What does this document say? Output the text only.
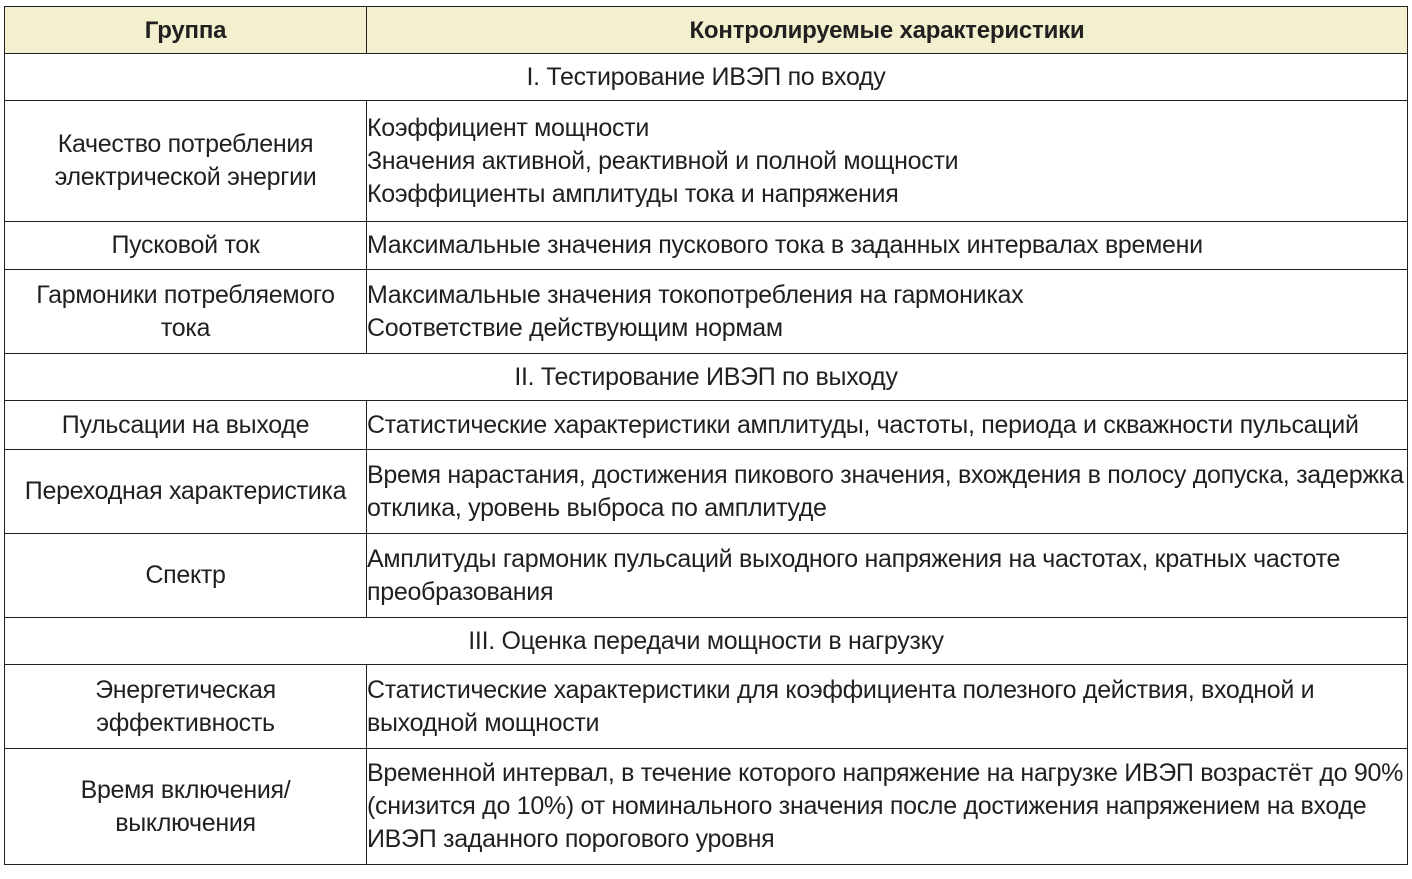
Группа	Контролируемые характеристики
I. Тестирование ИВЭП по входу	
Качество потребления электрической энергии	Коэффициент мощности
Значения активной, реактивной и полной мощности
Коэффициенты амплитуды тока и напряжения

Пусковой ток	Максимальные значения пускового тока в заданных интервалах времени

Гармоники потребляемого тока	Максимальные значения токопотребления на гармониках
Соответствие действующим нормам

II. Тестирование ИВЭП по выходу	
Пульсации на выходе	Статистические характеристики амплитуды, частоты, периода и скважности пульсаций

Переходная характеристика	Время нарастания, достижения пикового значения, вхождения в полосу допуска, задержка отклика, уровень выброса по амплитуде

Спектр	Амплитуды гармоник пульсаций выходного напряжения на частотах, кратных частоте преобразования

III. Оценка передачи мощности в нагрузку	
Энергетическая эффективность	Статистические характеристики для коэффициента полезного действия, входной и выходной мощности

Время включения/ выключения	Временной интервал, в течение которого напряжение на нагрузке ИВЭП возрастёт до 90% (снизится до 10%) от номинального значения после достижения напряжением на входе ИВЭП заданного порогового уровня
